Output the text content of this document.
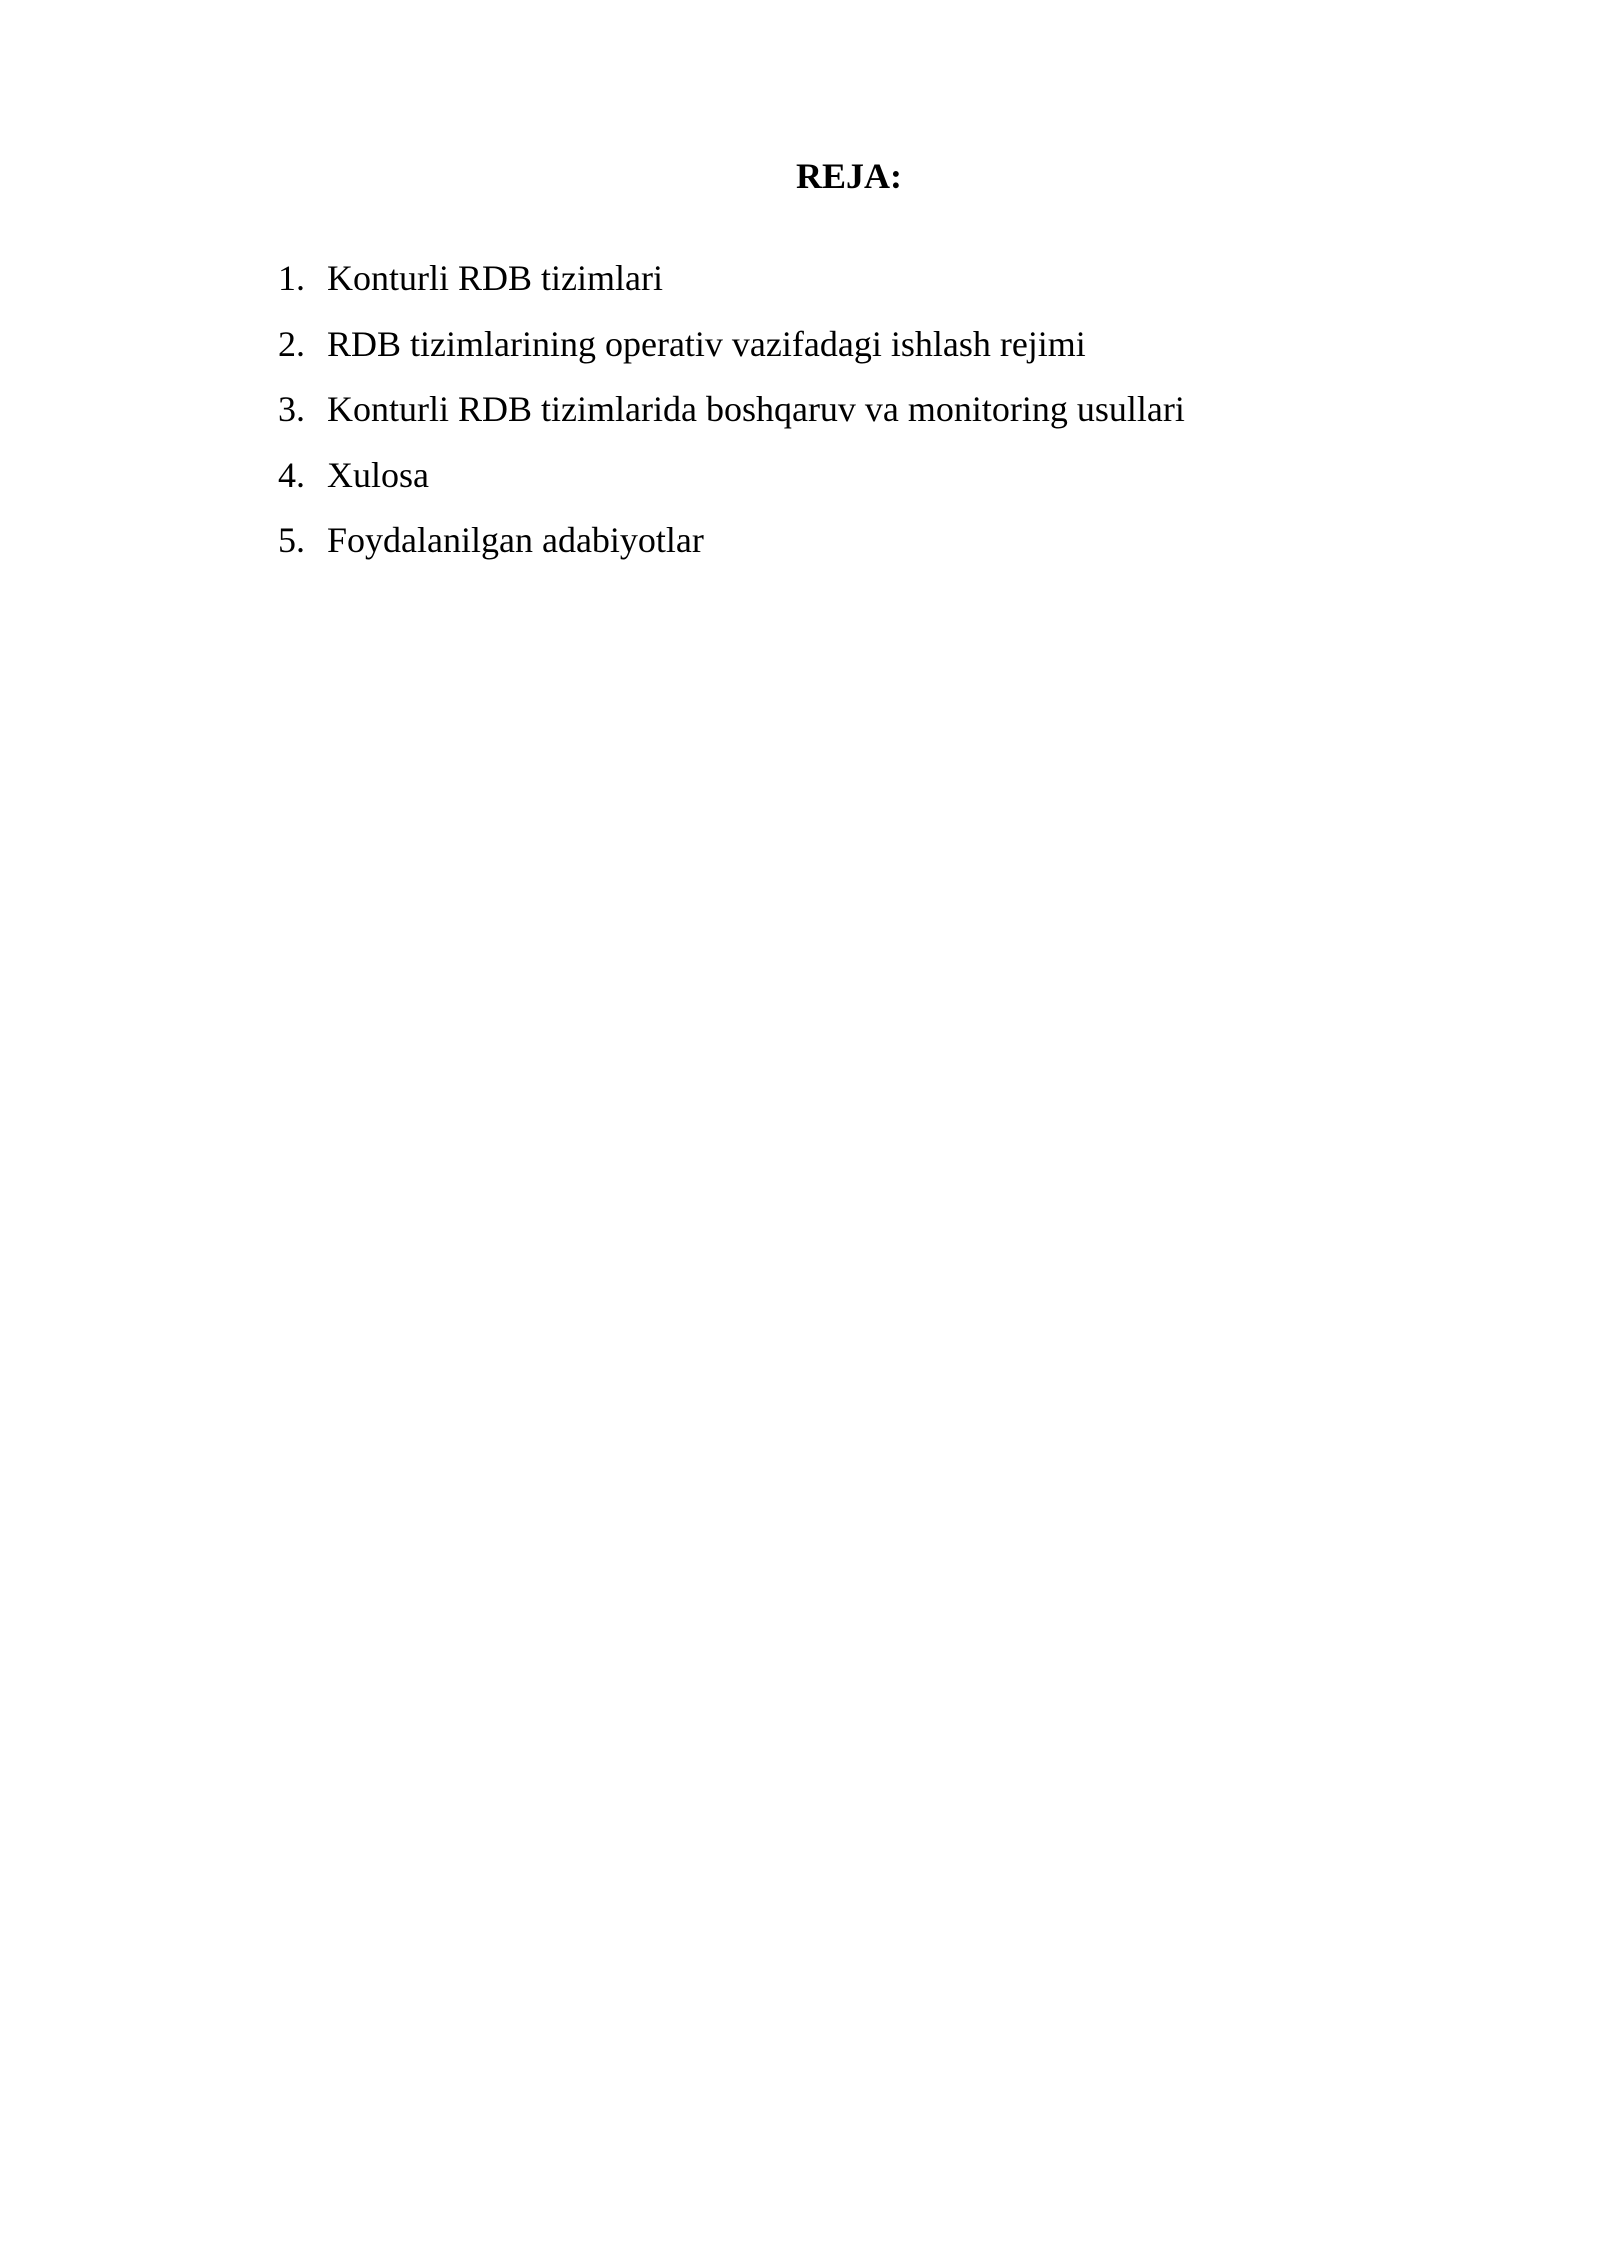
REJA:
1. Konturli RDB tizimlari
2. RDB tizimlarining operativ vazifadagi ishlash rejimi
3. Konturli RDB tizimlarida boshqaruv va monitoring usullari
4. Xulosa
5. Foydalanilgan adabiyotlar
